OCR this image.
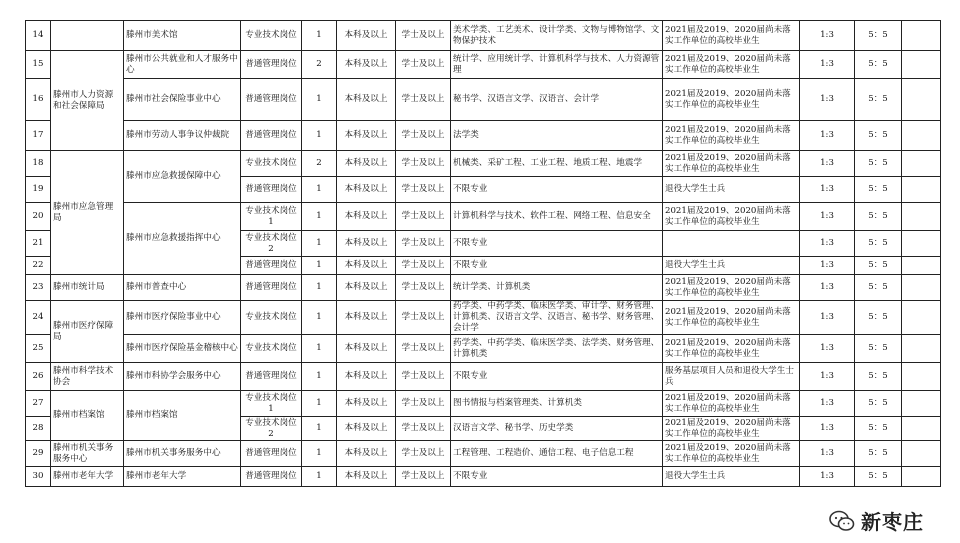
14		滕州市美术馆	专业技术岗位	1	本科及以上	学士及以上	美术学类、工艺美术、设计学类、文物与博物馆学、文物保护技术	2021届及2019、2020届尚未落实工作单位的高校毕业生	1:3	5：5	
15	滕州市人力资源和社会保障局	滕州市公共就业和人才服务中心	普通管理岗位	2	本科及以上	学士及以上	统计学、应用统计学、计算机科学与技术、人力资源管理	2021届及2019、2020届尚未落实工作单位的高校毕业生	1:3	5：5	
16		滕州市社会保险事业中心	普通管理岗位	1	本科及以上	学士及以上	秘书学、汉语言文学、汉语言、会计学	2021届及2019、2020届尚未落实工作单位的高校毕业生	1:3	5：5	
17		滕州市劳动人事争议仲裁院	普通管理岗位	1	本科及以上	学士及以上	法学类	2021届及2019、2020届尚未落实工作单位的高校毕业生	1:3	5：5	
18	滕州市应急管理局	滕州市应急救援保障中心	专业技术岗位	2	本科及以上	学士及以上	机械类、采矿工程、工业工程、地质工程、地震学	2021届及2019、2020届尚未落实工作单位的高校毕业生	1:3	5：5	
19			普通管理岗位	1	本科及以上	学士及以上	不限专业	退役大学生士兵	1:3	5：5	
20		滕州市应急救援指挥中心	专业技术岗位1	1	本科及以上	学士及以上	计算机科学与技术、软件工程、网络工程、信息安全	2021届及2019、2020届尚未落实工作单位的高校毕业生	1:3	5：5	
21			专业技术岗位2	1	本科及以上	学士及以上	不限专业		1:3	5：5	
22			普通管理岗位	1	本科及以上	学士及以上	不限专业	退役大学生士兵	1:3	5：5	
23	滕州市统计局	滕州市普查中心	普通管理岗位	1	本科及以上	学士及以上	统计学类、计算机类	2021届及2019、2020届尚未落实工作单位的高校毕业生	1:3	5：5	
24	滕州市医疗保障局	滕州市医疗保险事业中心	专业技术岗位	1	本科及以上	学士及以上	药学类、中药学类、临床医学类、审计学、财务管理、计算机类、汉语言文学、汉语言、秘书学、财务管理、会计学	2021届及2019、2020届尚未落实工作单位的高校毕业生	1:3	5：5	
25		滕州市医疗保险基金稽核中心	专业技术岗位	1	本科及以上	学士及以上	药学类、中药学类、临床医学类、法学类、财务管理、计算机类	2021届及2019、2020届尚未落实工作单位的高校毕业生	1:3	5：5	
26	滕州市科学技术协会	滕州市科协学会服务中心	普通管理岗位	1	本科及以上	学士及以上	不限专业	服务基层项目人员和退役大学生士兵	1:3	5：5	
27	滕州市档案馆	滕州市档案馆	专业技术岗位1	1	本科及以上	学士及以上	图书情报与档案管理类、计算机类	2021届及2019、2020届尚未落实工作单位的高校毕业生	1:3	5：5	
28			专业技术岗位2	1	本科及以上	学士及以上	汉语言文学、秘书学、历史学类	2021届及2019、2020届尚未落实工作单位的高校毕业生	1:3	5：5	
29	滕州市机关事务服务中心	滕州市机关事务服务中心	普通管理岗位	1	本科及以上	学士及以上	工程管理、工程造价、通信工程、电子信息工程	2021届及2019、2020届尚未落实工作单位的高校毕业生	1:3	5：5	
30	滕州市老年大学	滕州市老年大学	普通管理岗位	1	本科及以上	学士及以上	不限专业	退役大学生士兵	1:3	5：5	
新枣庄
